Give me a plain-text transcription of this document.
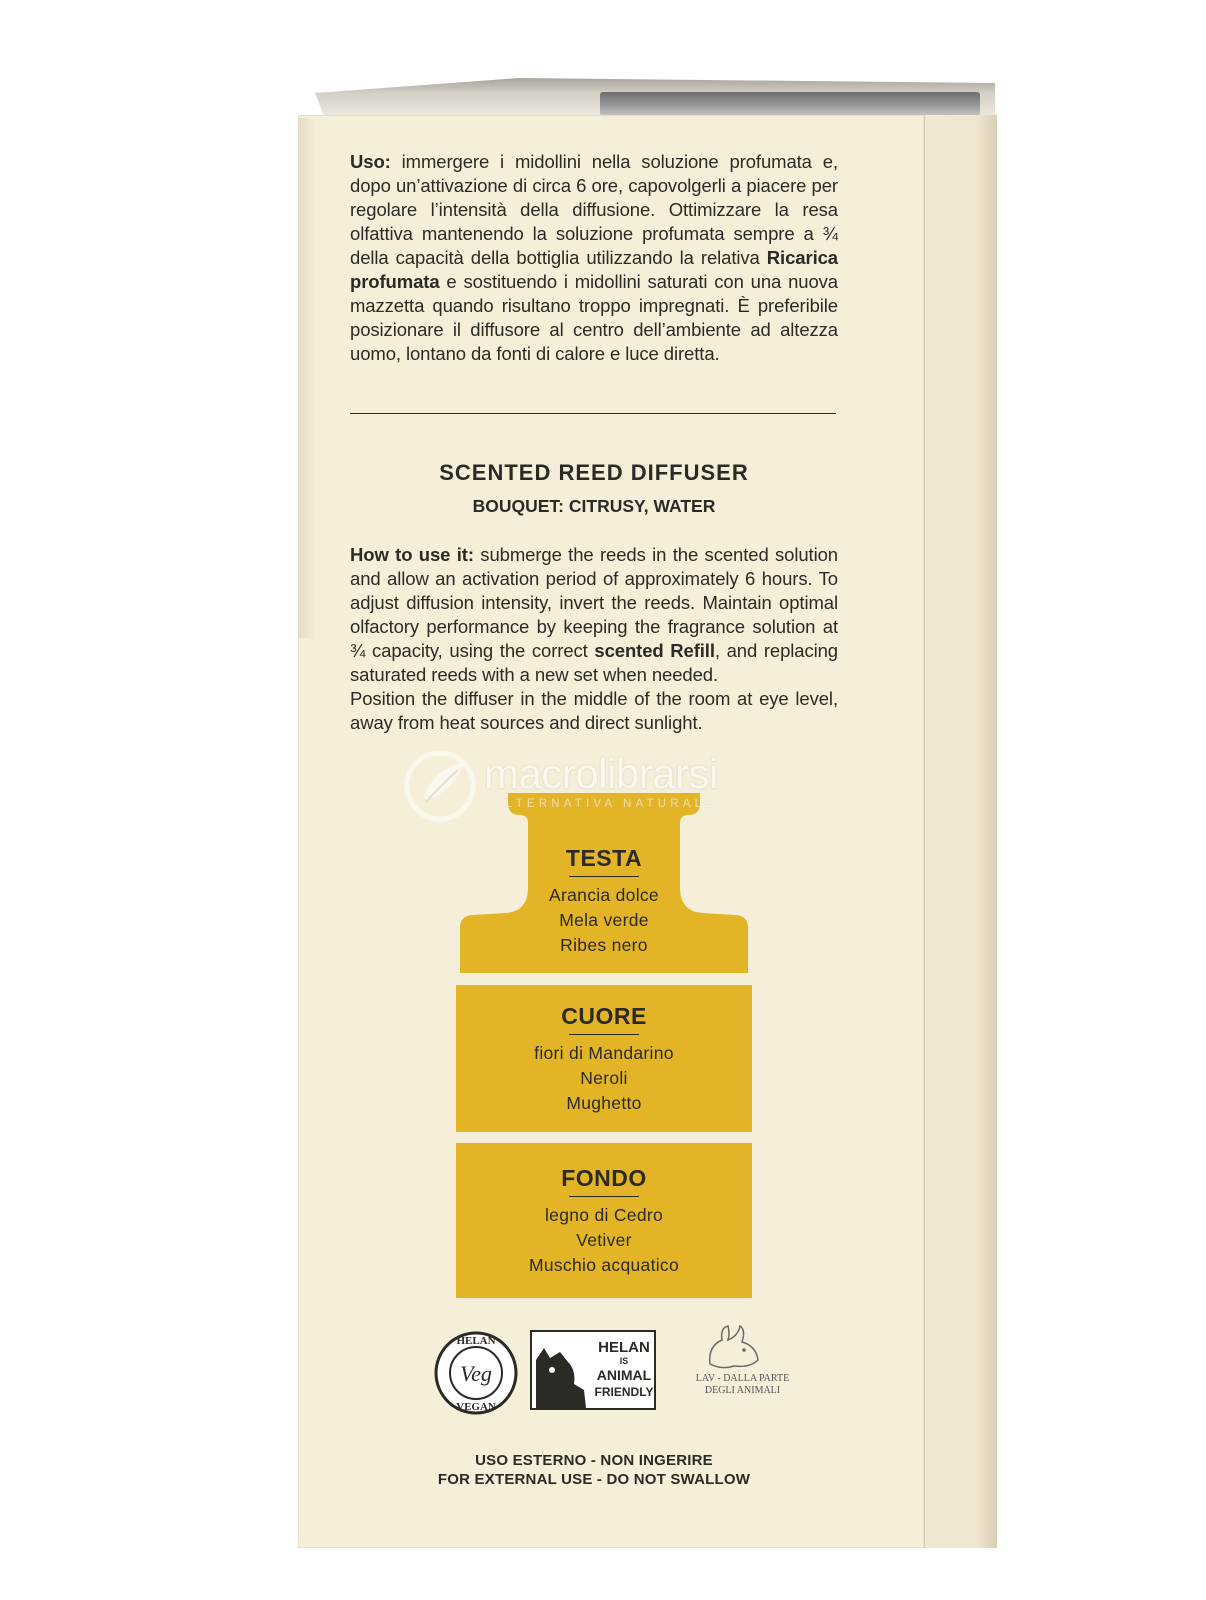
Uso: immergere i midollini nella soluzione profumata e, dopo un’attivazione di circa 6 ore, capovolgerli a piacere per regolare l’intensità della diffusione. Ottimizzare la resa olfattiva mantenendo la soluzione profumata sempre a ¾ della capacità della bottiglia utilizzando la relativa Ricarica profumata e sostituendo i midollini saturati con una nuova mazzetta quando risultano troppo impregnati. È preferibile posizionare il diffusore al centro dell’ambiente ad altezza uomo, lontano da fonti di calore e luce diretta.
SCENTED REED DIFFUSER
BOUQUET: CITRUSY, WATER
How to use it: submerge the reeds in the scented solution and allow an activation period of approximately 6 hours. To adjust diffusion intensity, invert the reeds. Maintain optimal olfactory performance by keeping the fragrance solution at ¾ capacity, using the correct scented Refill, and replacing saturated reeds with a new set when needed.
Position the diffuser in the middle of the room at eye level, away from heat sources and direct sunlight.
macrolibrarsi
ALTERNATIVA NATURALE
TESTA
Arancia dolce
Mela verde
Ribes nero
CUORE
fiori di Mandarino
Neroli
Mughetto
FONDO
legno di Cedro
Vetiver
Muschio acquatico
HELAN
Veg
VEGAN
HELAN
IS
ANIMAL
FRIENDLY
LAV - DALLA PARTE
DEGLI ANIMALI
USO ESTERNO - NON INGERIRE
FOR EXTERNAL USE - DO NOT SWALLOW
